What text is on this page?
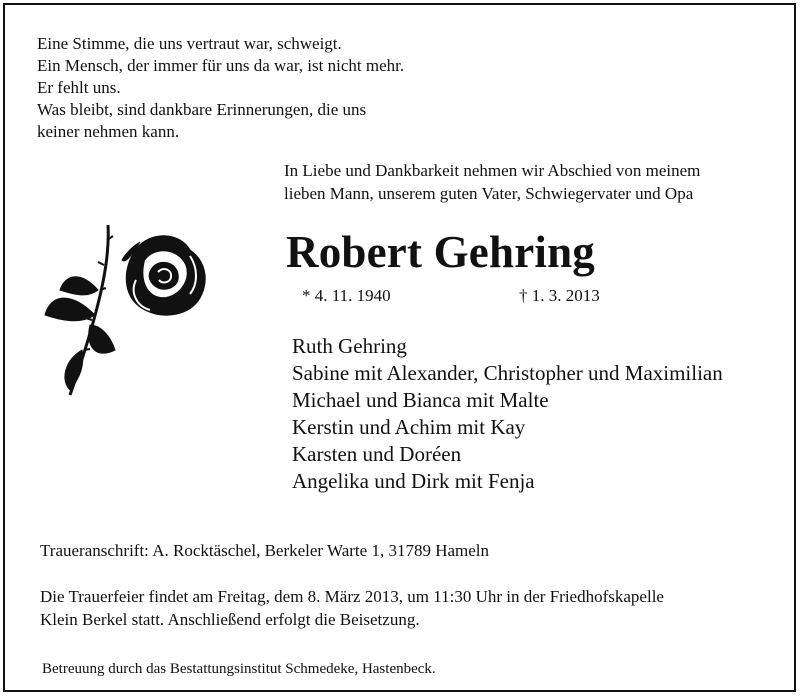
Eine Stimme, die uns vertraut war, schweigt.
Ein Mensch, der immer für uns da war, ist nicht mehr.
Er fehlt uns.
Was bleibt, sind dankbare Erinnerungen, die uns
keiner nehmen kann.
In Liebe und Dankbarkeit nehmen wir Abschied von meinem
lieben Mann, unserem guten Vater, Schwiegervater und Opa
Robert Gehring
* 4. 11. 1940	† 1. 3. 2013
Ruth Gehring
Sabine mit Alexander, Christopher und Maximilian
Michael und Bianca mit Malte
Kerstin und Achim mit Kay
Karsten und Doréen
Angelika und Dirk mit Fenja
Traueranschrift: A. Rocktäschel, Berkeler Warte 1, 31789 Hameln
Die Trauerfeier findet am Freitag, dem 8. März 2013, um 11:30 Uhr in der Friedhofskapelle
Klein Berkel statt. Anschließend erfolgt die Beisetzung.
Betreuung durch das Bestattungsinstitut Schmedeke, Hastenbeck.
